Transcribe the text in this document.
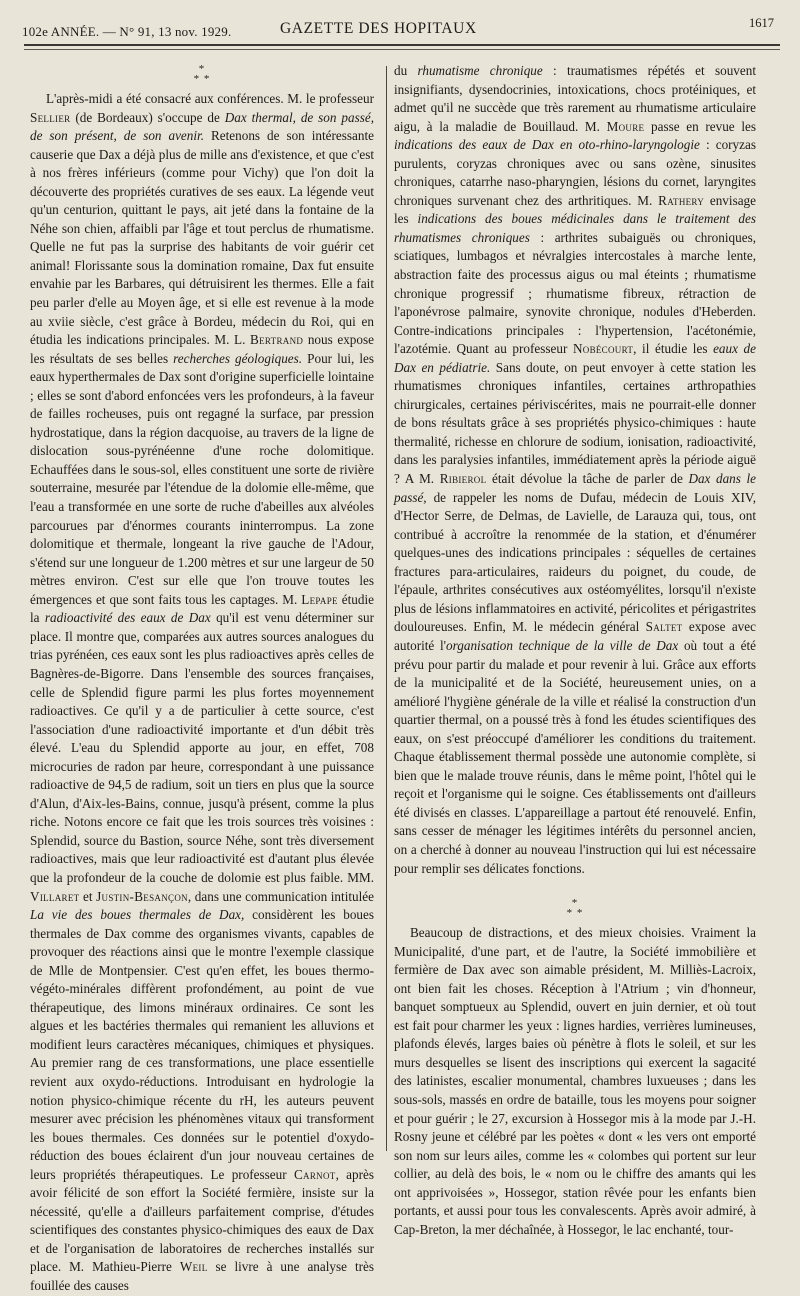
102e ANNÉE. — N° 91, 13 nov. 1929.	GAZETTE DES HOPITAUX	1617
*
* *

L'après-midi a été consacré aux conférences. M. le professeur Sellier (de Bordeaux) s'occupe de Dax thermal, de son passé, de son présent, de son avenir. Retenons de son intéressante causerie que Dax a déjà plus de mille ans d'existence, et que c'est à nos frères inférieurs (comme pour Vichy) que l'on doit la découverte des propriétés curatives de ses eaux. La légende veut qu'un centurion, quittant le pays, ait jeté dans la fontaine de la Néhe son chien, affaibli par l'âge et tout perclus de rhumatisme. Quelle ne fut pas la surprise des habitants de voir guérir cet animal! Florissante sous la domination romaine, Dax fut ensuite envahie par les Barbares, qui détruisirent les thermes. Elle a fait peu parler d'elle au Moyen âge, et si elle est revenue à la mode au xviie siècle, c'est grâce à Bordeu, médecin du Roi, qui en étudia les indications principales. M. L. Bertrand nous expose les résultats de ses belles recherches géologiques. Pour lui, les eaux hyperthermales de Dax sont d'origine superficielle lointaine ; elles se sont d'abord enfoncées vers les profondeurs, à la faveur de failles rocheuses, puis ont regagné la surface, par pression hydrostatique, dans la région dacquoise, au travers de la ligne de dislocation sous-pyrénéenne d'une roche dolomitique. Echauffées dans le sous-sol, elles constituent une sorte de rivière souterraine, mesurée par l'étendue de la dolomie elle-même, que l'eau a transformée en une sorte de ruche d'abeilles aux alvéoles parcourues par d'énormes courants ininterrompus. La zone dolomitique et thermale, longeant la rive gauche de l'Adour, s'étend sur une longueur de 1.200 mètres et sur une largeur de 50 mètres environ. C'est sur elle que l'on trouve toutes les émergences et que sont faits tous les captages. M. Lepape étudie la radioactivité des eaux de Dax qu'il est venu déterminer sur place. Il montre que, comparées aux autres sources analogues du trias pyrénéen, ces eaux sont les plus radioactives après celles de Bagnères-de-Bigorre. Dans l'ensemble des sources françaises, celle de Splendid figure parmi les plus fortes moyennement radioactives. Ce qu'il y a de particulier à cette source, c'est l'association d'une radioactivité importante et d'un débit très élevé. L'eau du Splendid apporte au jour, en effet, 708 microcuries de radon par heure, correspondant à une puissance radioactive de 94,5 de radium, soit un tiers en plus que la source d'Alun, d'Aix-les-Bains, connue, jusqu'à présent, comme la plus riche. Notons encore ce fait que les trois sources très voisines : Splendid, source du Bastion, source Néhe, sont très diversement radioactives, mais que leur radioactivité est d'autant plus élevée que la profondeur de la couche de dolomie est plus faible. MM. Villaret et Justin-Besançon, dans une communication intitulée La vie des boues thermales de Dax, considèrent les boues thermales de Dax comme des organismes vivants, capables de provoquer des réactions ainsi que le montre l'exemple classique de Mlle de Montpensier. C'est qu'en effet, les boues thermo-végéto-minérales diffèrent profondément, au point de vue thérapeutique, des limons minéraux ordinaires. Ce sont les algues et les bactéries thermales qui remanient les alluvions et modifient leurs caractères mécaniques, chimiques et physiques. Au premier rang de ces transformations, une place essentielle revient aux oxydo-réductions. Introduisant en hydrologie la notion physico-chimique récente du rH, les auteurs peuvent mesurer avec précision les phénomènes vitaux qui transforment les boues thermales. Ces données sur le potentiel d'oxydo-réduction des boues éclairent d'un jour nouveau certaines de leurs propriétés thérapeutiques. Le professeur Carnot, après avoir félicité de son effort la Société fermière, insiste sur la nécessité, qu'elle a d'ailleurs parfaitement comprise, d'études scientifiques des constantes physico-chimiques des eaux de Dax et de l'organisation de laboratoires de recherches installés sur place. M. Mathieu-Pierre Weil se livre à une analyse très fouillée des causes

du rhumatisme chronique : traumatismes répétés et souvent insignifiants, dysendocrinies, intoxications, chocs protéiniques, et admet qu'il ne succède que très rarement au rhumatisme articulaire aigu, à la maladie de Bouillaud. M. Moure passe en revue les indications des eaux de Dax en oto-rhino-laryngologie : coryzas purulents, coryzas chroniques avec ou sans ozène, sinusites chroniques, catarrhe naso-pharyngien, lésions du cornet, laryngites chroniques survenant chez des arthritiques. M. Rathery envisage les indications des boues médicinales dans le traitement des rhumatismes chroniques : arthrites subaiguës ou chroniques, sciatiques, lumbagos et névralgies intercostales à marche lente, abstraction faite des processus aigus ou mal éteints ; rhumatisme chronique progressif ; rhumatisme fibreux, rétraction de l'aponévrose palmaire, synovite chronique, nodules d'Heberden. Contre-indications principales : l'hypertension, l'acétonémie, l'azotémie. Quant au professeur Nobécourt, il étudie les eaux de Dax en pédiatrie. Sans doute, on peut envoyer à cette station les rhumatismes chroniques infantiles, certaines arthropathies chirurgicales, certaines périviscérites, mais ne pourrait-elle donner de bons résultats grâce à ses propriétés physico-chimiques : haute thermalité, richesse en chlorure de sodium, ionisation, radioactivité, dans les paralysies infantiles, immédiatement après la période aiguë ? A M. Ribierol était dévolue la tâche de parler de Dax dans le passé, de rappeler les noms de Dufau, médecin de Louis XIV, d'Hector Serre, de Delmas, de Lavielle, de Larauza qui, tous, ont contribué à accroître la renommée de la station, et d'énumérer quelques-unes des indications principales : séquelles de certaines fractures para-articulaires, raideurs du poignet, du coude, de l'épaule, arthrites consécutives aux ostéomyélites, lorsqu'il n'existe plus de lésions inflammatoires en activité, péricolites et périgastrites douloureuses. Enfin, M. le médecin général Saltet expose avec autorité l'organisation technique de la ville de Dax où tout a été prévu pour partir du malade et pour revenir à lui. Grâce aux efforts de la municipalité et de la Société, heureusement unies, on a amélioré l'hygiène générale de la ville et réalisé la construction d'un quartier thermal, on a poussé très à fond les études scientifiques des eaux, on s'est préoccupé d'améliorer les conditions du traitement. Chaque établissement thermal possède une autonomie complète, si bien que le malade trouve réunis, dans le même point, l'hôtel qui le reçoit et l'organisme qui le soigne. Ces établissements ont d'ailleurs été divisés en classes. L'appareillage a partout été renouvelé. Enfin, sans cesser de ménager les légitimes intérêts du personnel ancien, on a cherché à donner au nouveau l'instruction qui lui est nécessaire pour remplir ses délicates fonctions.

*
* *

Beaucoup de distractions, et des mieux choisies. Vraiment la Municipalité, d'une part, et de l'autre, la Société immobilière et fermière de Dax avec son aimable président, M. Milliès-Lacroix, ont bien fait les choses. Réception à l'Atrium ; vin d'honneur, banquet somptueux au Splendid, ouvert en juin dernier, et où tout est fait pour charmer les yeux : lignes hardies, verrières lumineuses, plafonds élevés, larges baies où pénètre à flots le soleil, et sur les murs desquelles se lisent des inscriptions qui exercent la sagacité des latinistes, escalier monumental, chambres luxueuses ; dans les sous-sols, massés en ordre de bataille, tous les moyens pour soigner et pour guérir ; le 27, excursion à Hossegor mis à la mode par J.-H. Rosny jeune et célébré par les poètes « dont « les vers ont emporté son nom sur leurs ailes, comme les « colombes qui portent sur leur collier, au delà des bois, le « nom ou le chiffre des amants qui les ont apprivoisées », Hossegor, station rêvée pour les enfants bien portants, et aussi pour tous les convalescents. Après avoir admiré, à Cap-Breton, la mer déchaînée, à Hossegor, le lac enchanté, tour-
